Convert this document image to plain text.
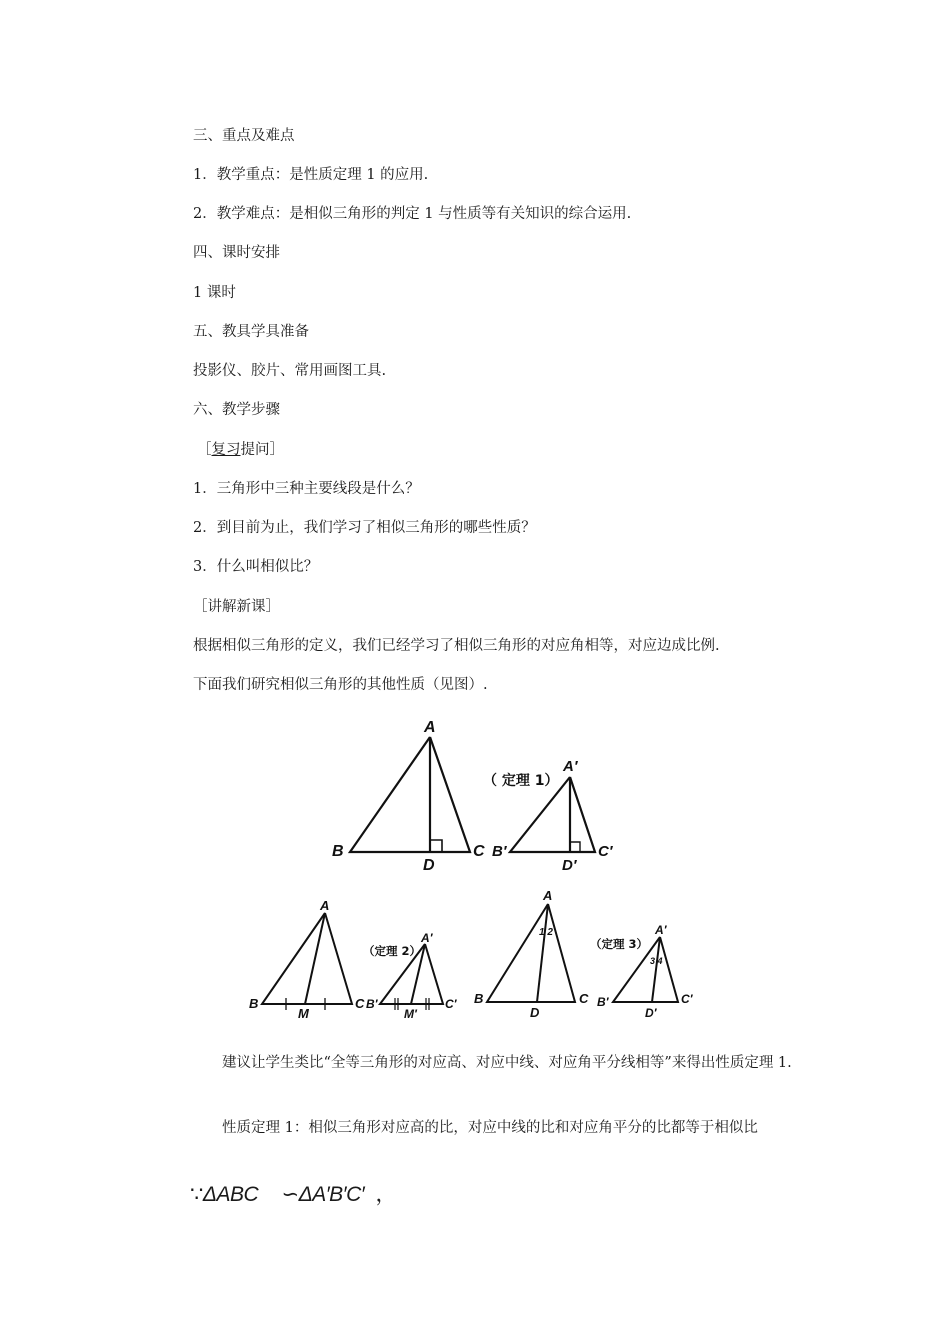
三、重点及难点
1．教学重点：是性质定理 1 的应用.
2．教学难点：是相似三角形的判定 1 与性质等有关知识的综合运用.
四、课时安排
1 课时
五、教具学具准备
投影仪、胶片、常用画图工具.
六、教学步骤
1．三角形中三种主要线段是什么？
2．到目前为止，我们学习了相似三角形的哪些性质？
3．什么叫相似比？
［讲解新课］
根据相似三角形的定义，我们已经学习了相似三角形的对应角相等，对应边成比例.
下面我们研究相似三角形的其他性质（见图）.
［复习提问］
A
B	C
D
（ 定理 1）
A′
B′	C′
D′
A
B	C
M
（定理 2）
A′
B′	C′
M′
A
1 2
B	C
D
（定理 3）
A′
3 4
B′	C′
D′
建议让学生类比“全等三角形的对应高、对应中线、对应角平分线相等”来得出性质定理 1.
性质定理 1：相似三角形对应高的比，对应中线的比和对应角平分的比都等于相似比
∵ΔABC ∽ΔA′B′C′ ，
